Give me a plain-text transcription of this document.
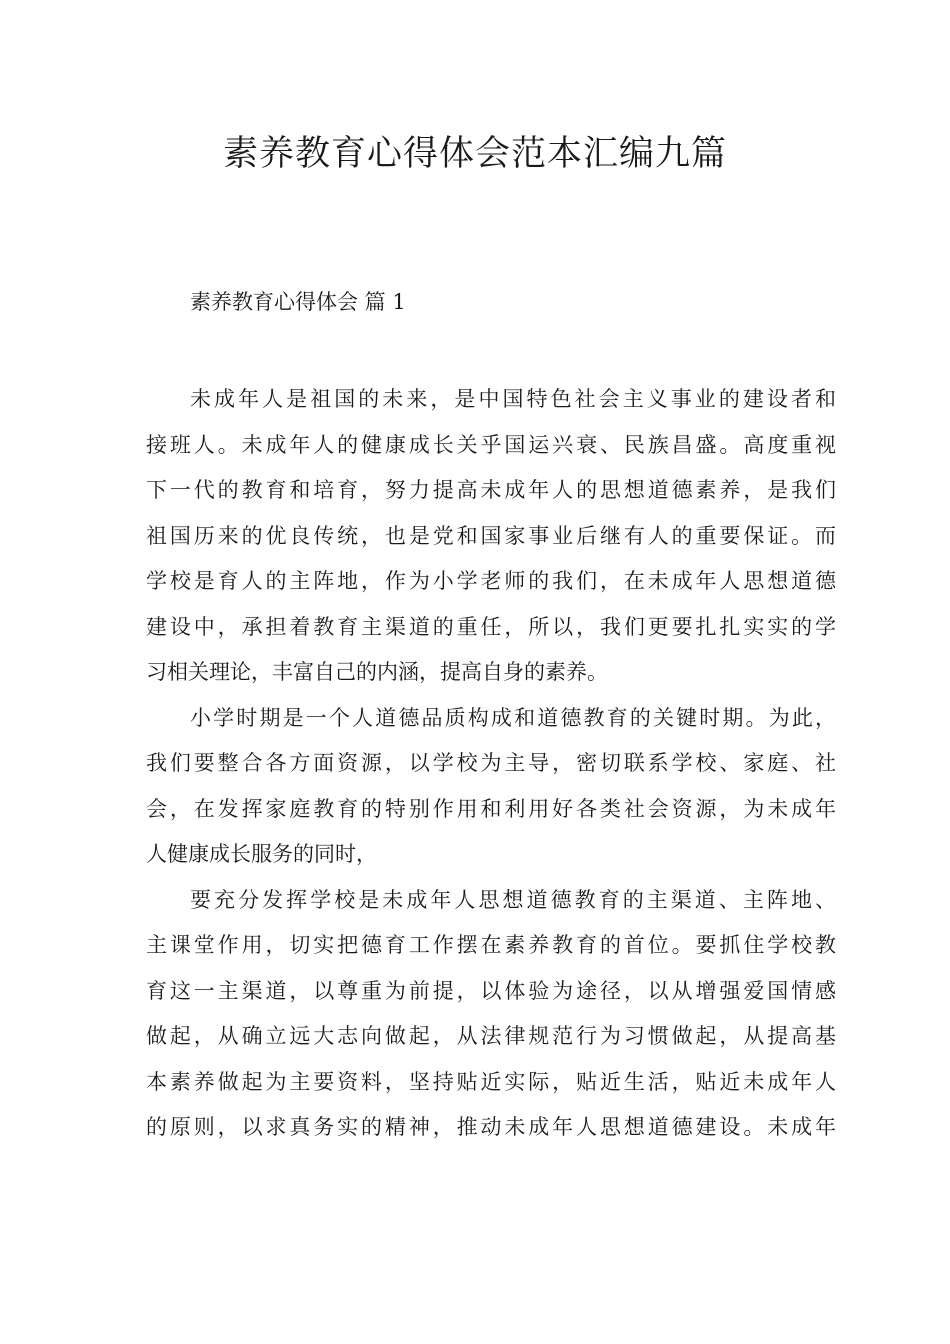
素养教育心得体会范本汇编九篇
素养教育心得体会 篇 1

未成年人是祖国的未来，是中国特色社会主义事业的建设者和
接班人。未成年人的健康成长关乎国运兴衰、民族昌盛。高度重视
下一代的教育和培育，努力提高未成年人的思想道德素养，是我们
祖国历来的优良传统，也是党和国家事业后继有人的重要保证。而
学校是育人的主阵地，作为小学老师的我们，在未成年人思想道德
建设中，承担着教育主渠道的重任，所以，我们更要扎扎实实的学
习相关理论，丰富自己的内涵，提高自身的素养。

小学时期是一个人道德品质构成和道德教育的关键时期。为此，
我们要整合各方面资源，以学校为主导，密切联系学校、家庭、社
会，在发挥家庭教育的特别作用和利用好各类社会资源，为未成年
人健康成长服务的同时，

要充分发挥学校是未成年人思想道德教育的主渠道、主阵地、
主课堂作用，切实把德育工作摆在素养教育的首位。要抓住学校教
育这一主渠道，以尊重为前提，以体验为途径，以从增强爱国情感
做起，从确立远大志向做起，从法律规范行为习惯做起，从提高基
本素养做起为主要资料，坚持贴近实际，贴近生活，贴近未成年人
的原则，以求真务实的精神，推动未成年人思想道德建设。未成年
